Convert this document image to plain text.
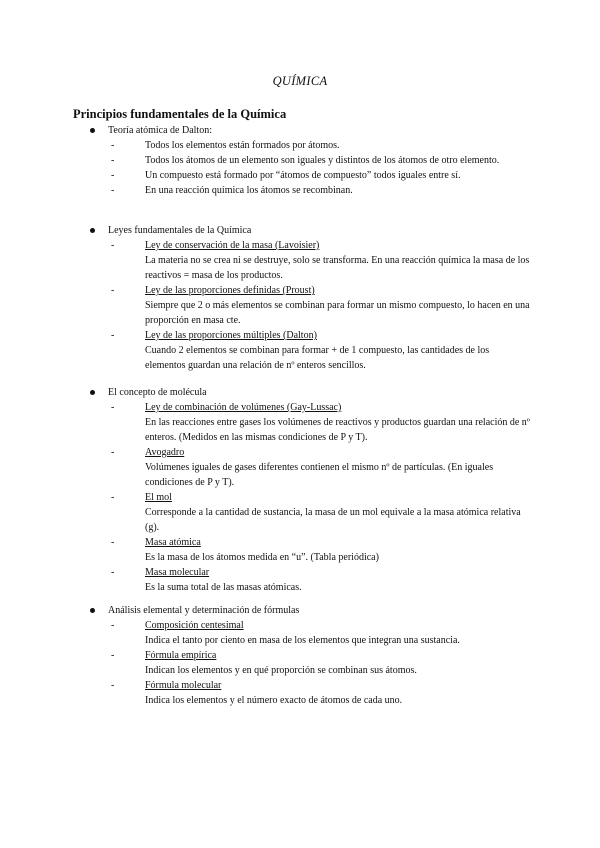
QUÍMICA
Principios fundamentales de la Química
Teoría atómica de Dalton:
-	Todos los elementos están formados por átomos.
-	Todos los átomos de un elemento son iguales y distintos de los átomos de otro elemento.
-	Un compuesto está formado por “átomos de compuesto” todos iguales entre sí.
-	En una reacción química los átomos se recombinan.
Leyes fundamentales de la Química
-	Ley de conservación de la masa (Lavoisier)
La materia no se crea ni se destruye, solo se transforma. En una reacción química la masa de los reactivos = masa de los productos.
-	Ley de las proporciones definidas (Proust)
Siempre que 2 o más elementos se combinan para formar un mismo compuesto, lo hacen en una proporción en masa cte.
-	Ley de las proporciones múltiples (Dalton)
Cuando 2 elementos se combinan para formar + de 1 compuesto, las cantidades de los elementos guardan una relación de nº enteros sencillos.
El concepto de molécula
-	Ley de combinación de volúmenes (Gay-Lussac)
En las reacciones entre gases los volúmenes de reactivos y productos guardan una relación de nº enteros. (Medidos en las mismas condiciones de P y T).
-	Avogadro
Volúmenes iguales de gases diferentes contienen el mismo nº de partículas. (En iguales condiciones de P y T).
-	El mol
Corresponde a la cantidad de sustancia, la masa de un mol equivale a la masa atómica relativa (g).
-	Masa atómica
Es la masa de los átomos medida en “u”. (Tabla periódica)
-	Masa molecular
Es la suma total de las masas atómicas.
Análisis elemental y determinación de fórmulas
-	Composición centesimal
Indica el tanto por ciento en masa de los elementos que integran una sustancia.
-	Fórmula empírica
Indican los elementos y en qué proporción se combinan sus átomos.
-	Fórmula molecular
Indica los elementos y el número exacto de átomos de cada uno.
